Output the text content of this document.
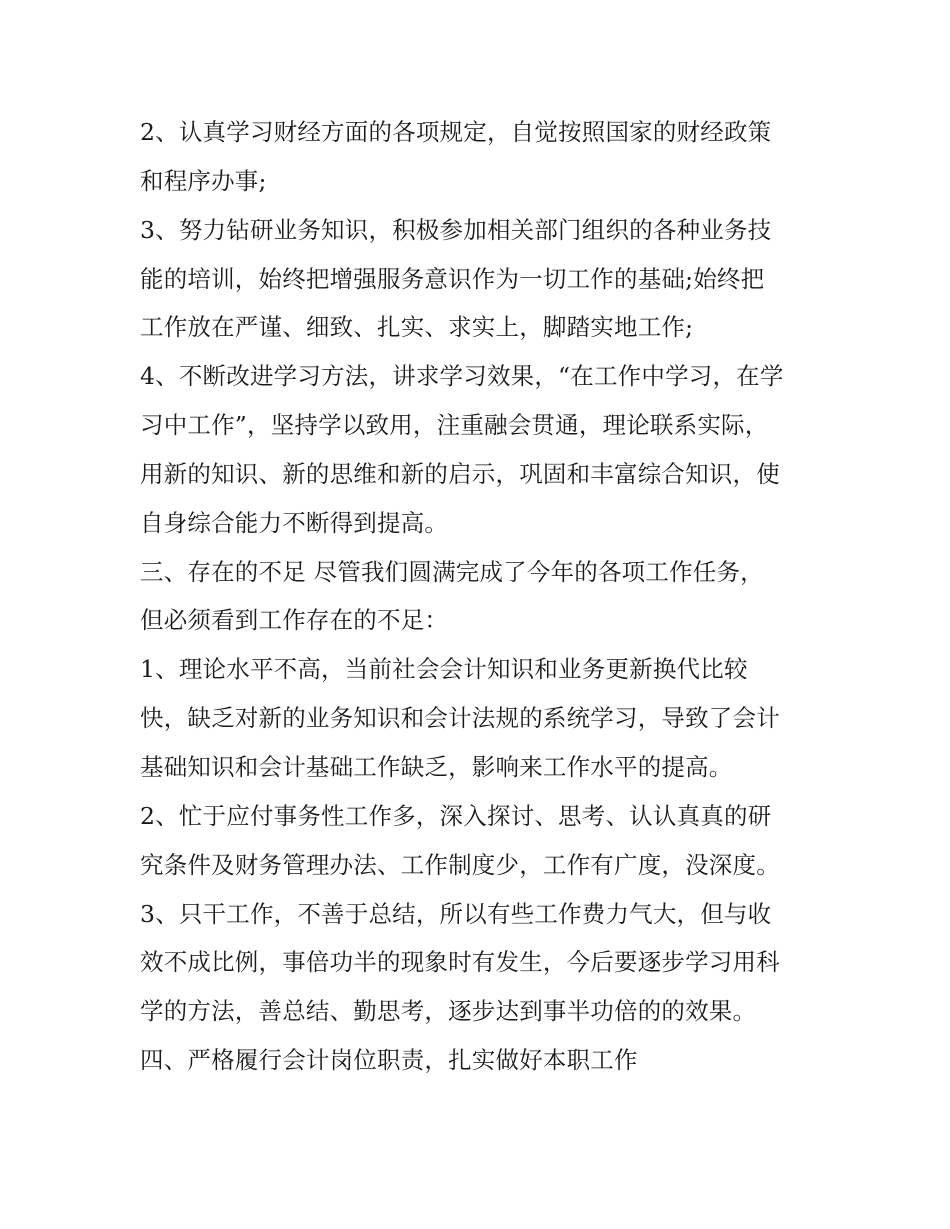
2、认真学习财经方面的各项规定，自觉按照国家的财经政策
和程序办事;
3、努力钻研业务知识，积极参加相关部门组织的各种业务技
能的培训，始终把增强服务意识作为一切工作的基础;始终把
工作放在严谨、细致、扎实、求实上，脚踏实地工作;
4、不断改进学习方法，讲求学习效果，“在工作中学习，在学
习中工作”，坚持学以致用，注重融会贯通，理论联系实际，
用新的知识、新的思维和新的启示，巩固和丰富综合知识，使
自身综合能力不断得到提高。
三、存在的不足 尽管我们圆满完成了今年的各项工作任务，
但必须看到工作存在的不足：
1、理论水平不高，当前社会会计知识和业务更新换代比较
快，缺乏对新的业务知识和会计法规的系统学习，导致了会计
基础知识和会计基础工作缺乏，影响来工作水平的提高。
2、忙于应付事务性工作多，深入探讨、思考、认认真真的研
究条件及财务管理办法、工作制度少，工作有广度，没深度。
3、只干工作，不善于总结，所以有些工作费力气大，但与收
效不成比例，事倍功半的现象时有发生，今后要逐步学习用科
学的方法，善总结、勤思考，逐步达到事半功倍的的效果。
四、严格履行会计岗位职责，扎实做好本职工作
